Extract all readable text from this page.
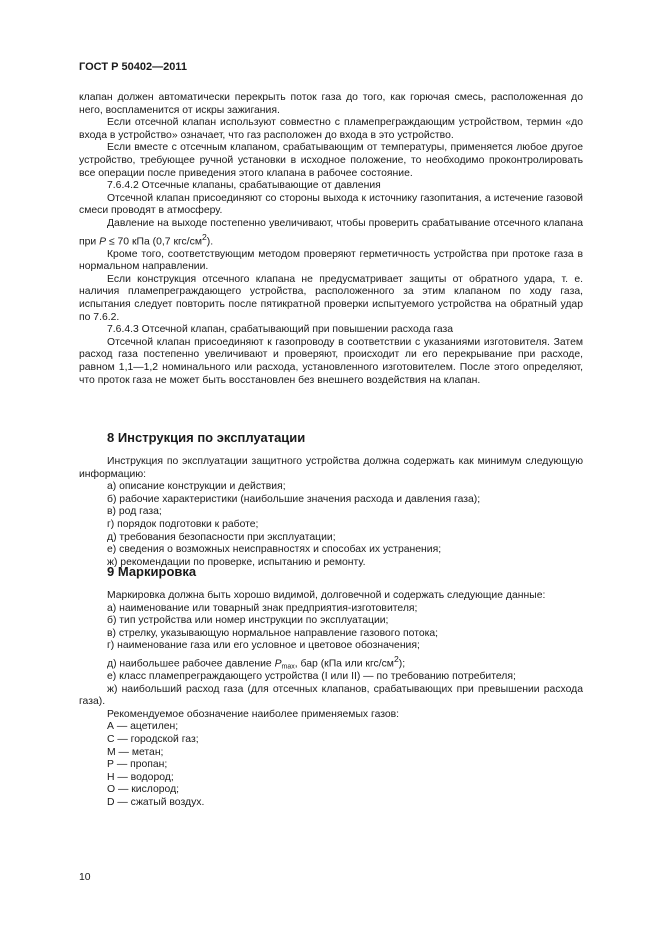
ГОСТ Р 50402—2011

клапан должен автоматически перекрыть поток газа до того, как горючая смесь, расположенная до него, воспламенится от искры зажигания.

Если отсечной клапан используют совместно с пламепреграждающим устройством, термин «до входа в устройство» означает, что газ расположен до входа в это устройство.

Если вместе с отсечным клапаном, срабатывающим от температуры, применяется любое другое устройство, требующее ручной установки в исходное положение, то необходимо проконтролировать все операции после приведения этого клапана в рабочее состояние.

7.6.4.2 Отсечные клапаны, срабатывающие от давления

Отсечной клапан присоединяют со стороны выхода к источнику газопитания, а истечение газовой смеси проводят в атмосферу.

Давление на выходе постепенно увеличивают, чтобы проверить срабатывание отсечного клапана при P ≤ 70 кПа (0,7 кгс/$см^2$).

Кроме того, соответствующим методом проверяют герметичность устройства при протоке газа в нормальном направлении.

Если конструкция отсечного клапана не предусматривает защиты от обратного удара, т. е. наличия пламепреграждающего устройства, расположенного за этим клапаном по ходу газа, испытания следует повторить после пятикратной проверки испытуемого устройства на обратный удар по 7.6.2.

7.6.4.3 Отсечной клапан, срабатывающий при повышении расхода газа

Отсечной клапан присоединяют к газопроводу в соответствии с указаниями изготовителя. Затем расход газа постепенно увеличивают и проверяют, происходит ли его перекрывание при расходе, равном 1,1—1,2 номинального или расхода, установленного изготовителем. После этого определяют, что проток газа не может быть восстановлен без внешнего воздействия на клапан.

8 Инструкция по эксплуатации

Инструкция по эксплуатации защитного устройства должна содержать как минимум следующую информацию:

а) описание конструкции и действия;

б) рабочие характеристики (наибольшие значения расхода и давления газа);

в) род газа;

г) порядок подготовки к работе;

д) требования безопасности при эксплуатации;

е) сведения о возможных неисправностях и способах их устранения;

ж) рекомендации по проверке, испытанию и ремонту.

9 Маркировка

Маркировка должна быть хорошо видимой, долговечной и содержать следующие данные:

а) наименование или товарный знак предприятия-изготовителя;

б) тип устройства или номер инструкции по эксплуатации;

в) стрелку, указывающую нормальное направление газового потока;

г) наименование газа или его условное и цветовое обозначения;

д) наибольшее рабочее давление $P_{max}$, бар (кПа или кгс/$см^2$);

е) класс пламепреграждающего устройства (I или II) — по требованию потребителя;

ж) наибольший расход газа (для отсечных клапанов, срабатывающих при превышении расхода газа).

Рекомендуемое обозначение наиболее применяемых газов:

А — ацетилен;

С — городской газ;

М — метан;

Р — пропан;

Н — водород;

О — кислород;

D — сжатый воздух.

10
